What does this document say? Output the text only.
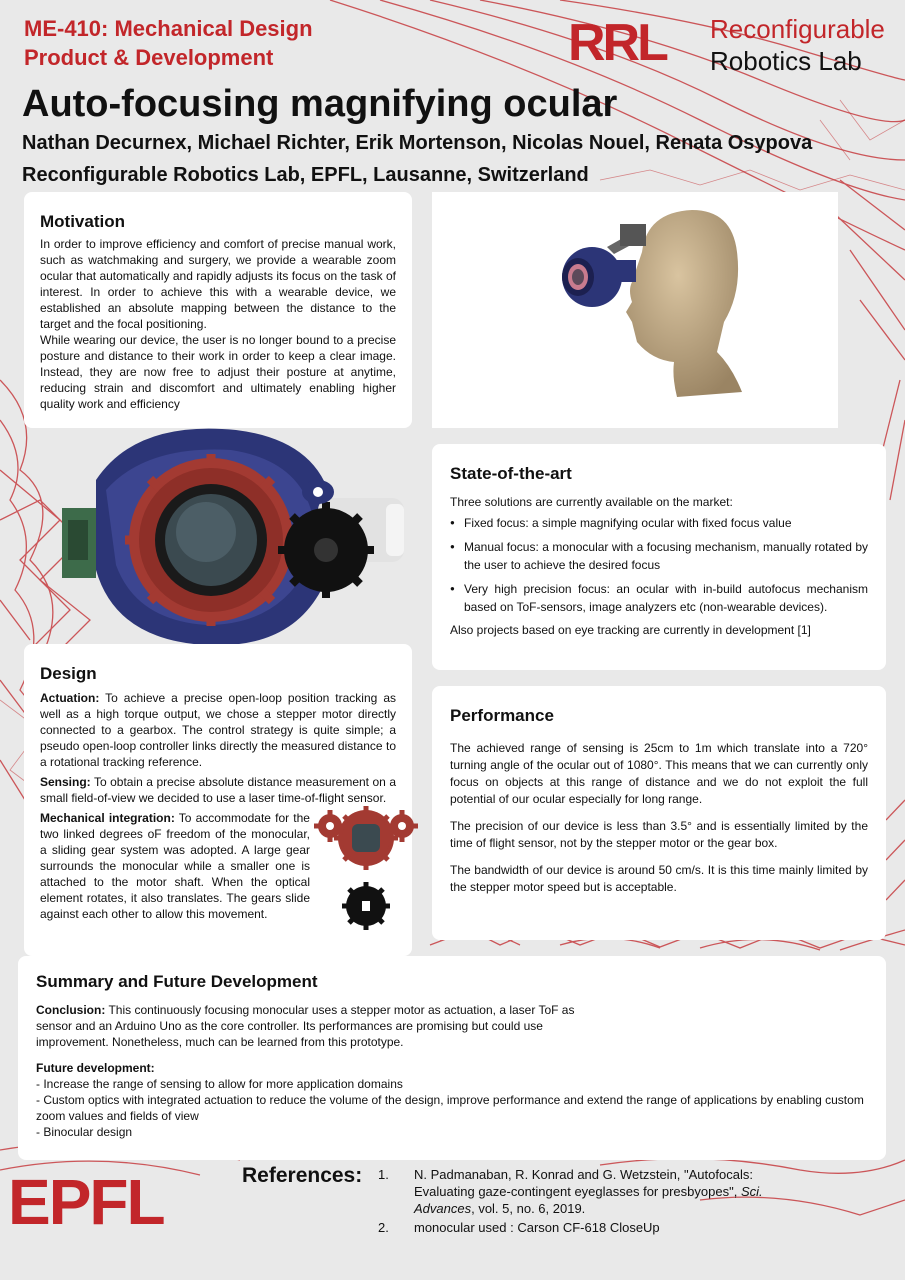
ME-410: Mechanical Design
Product & Development	RRL Reconfigurable
Robotics Lab
Auto-focusing magnifying ocular
Nathan Decurnex, Michael Richter, Erik Mortenson, Nicolas Nouel, Renata Osypova
Reconfigurable Robotics Lab, EPFL, Lausanne, Switzerland
Motivation

In order to improve efficiency and comfort of precise manual work, such as watchmaking and surgery, we provide a wearable zoom ocular that automatically and rapidly adjusts its focus on the task of interest. In order to achieve this with a wearable device, we established an absolute mapping between the distance to the target and the focal positioning.

While wearing our device, the user is no longer bound to a precise posture and distance to their work in order to keep a clear image. Instead, they are now free to adjust their posture at anytime, reducing strain and discomfort and ultimately enabling higher quality work and efficiency

State-of-the-art
Three solutions are currently available on the market:
● Fixed focus: a simple magnifying ocular with fixed focus value
● Manual focus: a monocular with a focusing mechanism, manually rotated by the user to achieve the desired focus
● Very high precision focus: an ocular with in-build autofocus mechanism based on ToF-sensors, image analyzers etc (non-wearable devices).
Also projects based on eye tracking are currently in development [1]
Design

Actuation: To achieve a precise open-loop position tracking as well as a high torque output, we chose a stepper motor directly connected to a gearbox. The control strategy is quite simple; a pseudo open-loop controller links directly the measured distance to a rotational tracking reference.

Sensing: To obtain a precise absolute distance measurement on a small field-of-view we decided to use a laser time-of-flight sensor.

Mechanical integration: To accommodate for the two linked degrees oF freedom of the monocular, a sliding gear system was adopted. A large gear surrounds the monocular while a smaller one is attached to the motor shaft. When the optical element rotates, it also translates. The gears slide against each other to allow this movement.

Performance

The achieved range of sensing is 25cm to 1m which translate into a 720° turning angle of the ocular out of 1080°. This means that we can currently only focus on objects at this range of distance and we do not exploit the full potential of our ocular especially for long range.

The precision of our device is less than 3.5° and is essentially limited by the time of flight sensor, not by the stepper motor or the gear box.

The bandwidth of our device is around 50 cm/s. It is this time mainly limited by the stepper motor speed but is acceptable.

Summary and Future Development

Conclusion: This continuously focusing monocular uses a stepper motor as actuation, a laser ToF as sensor and an Arduino Uno as the core controller. Its performances are promising but could use improvement. Nonetheless, much can be learned from this prototype.

Future development:

- Increase the range of sensing to allow for more application domains
- Custom optics with integrated actuation to reduce the volume of the design, improve performance and extend the range of applications by enabling custom zoom values and fields of view
- Binocular design
EPFL	References: 1.	N. Padmanaban, R. Konrad and G. Wetzstein, "Autofocals: Evaluating gaze-contingent eyeglasses for presbyopes", Sci. Advances, vol. 5, no. 6, 2019.
2.	monocular used : Carson CF-618 CloseUp
